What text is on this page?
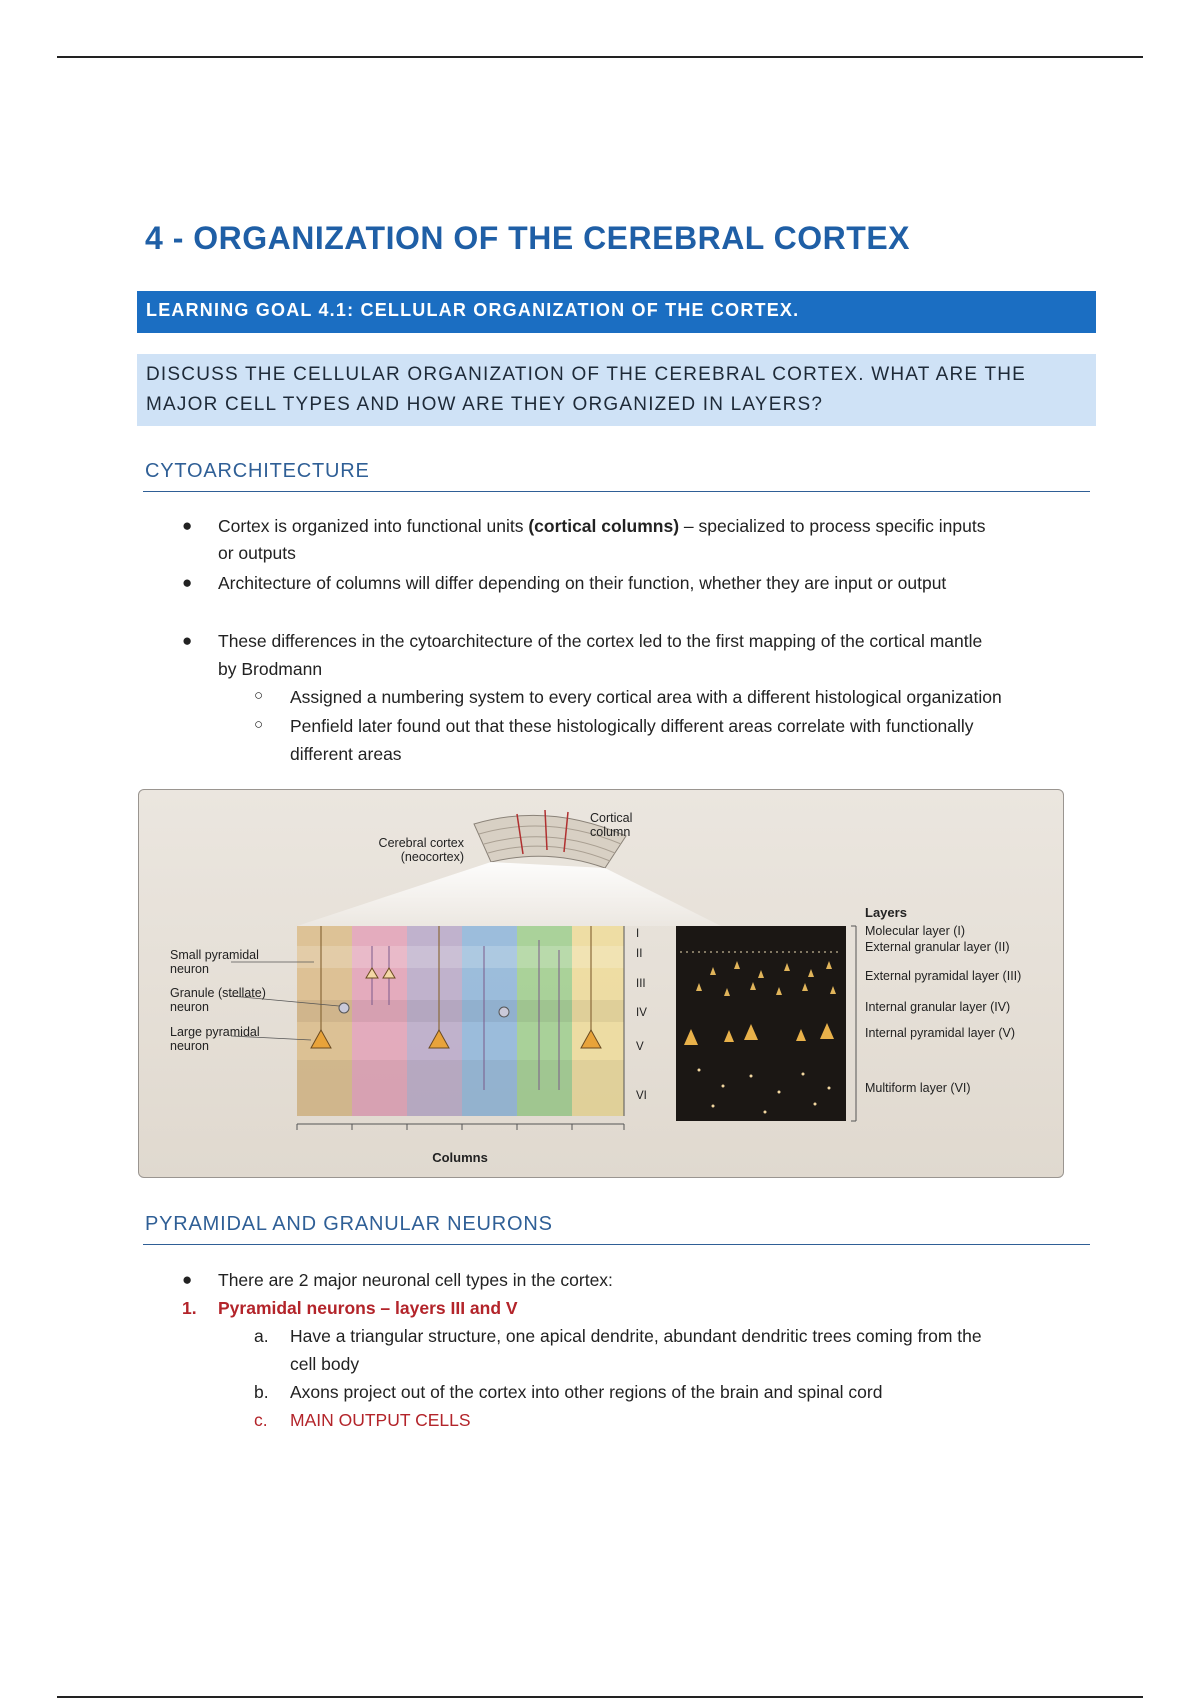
4 - ORGANIZATION OF THE CEREBRAL CORTEX
LEARNING GOAL 4.1: CELLULAR ORGANIZATION OF THE CORTEX.
DISCUSS THE CELLULAR ORGANIZATION OF THE CEREBRAL CORTEX. WHAT ARE THE
MAJOR CELL TYPES AND HOW ARE THEY ORGANIZED IN LAYERS?
CYTOARCHITECTURE
● Cortex is organized into functional units (cortical columns) – specialized to process specific inputs
or outputs
● Architecture of columns will differ depending on their function, whether they are input or output
● These differences in the cytoarchitecture of the cortex led to the first mapping of the cortical mantle
by Brodmann
○ Assigned a numbering system to every cortical area with a different histological organization
○ Penfield later found out that these histologically different areas correlate with functionally
different areas
Cerebral cortex
(neocortex)
Cortical
column
Small pyramidal
neuron
Granule (stellate)
neuron
Large pyramidal
neuron
Columns
I
II
III
IV
V
VI
Layers
Molecular layer (I)
External granular layer (II)
External pyramidal layer (III)
Internal granular layer (IV)
Internal pyramidal layer (V)
Multiform layer (VI)
PYRAMIDAL AND GRANULAR NEURONS
● There are 2 major neuronal cell types in the cortex:
1. Pyramidal neurons – layers III and V
a. Have a triangular structure, one apical dendrite, abundant dendritic trees coming from the
cell body
b. Axons project out of the cortex into other regions of the brain and spinal cord
c. MAIN OUTPUT CELLS
